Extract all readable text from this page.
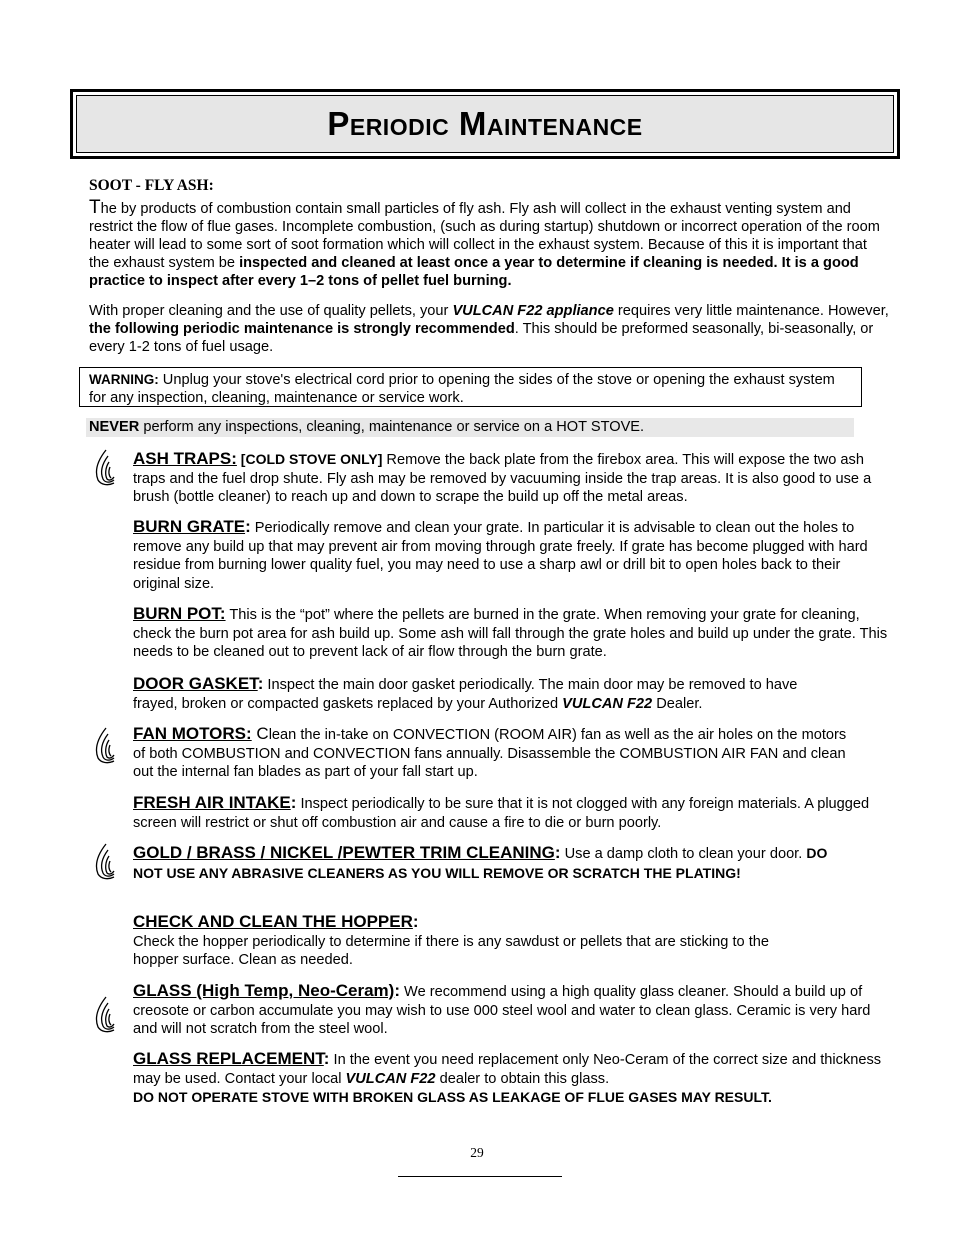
Periodic Maintenance
SOOT - FLY ASH:
The by products of combustion contain small particles of fly ash. Fly ash will collect in the exhaust venting system and restrict the flow of flue gases. Incomplete combustion, (such as during startup) shutdown or incorrect operation of the room heater will lead to some sort of soot formation which will collect in the exhaust system. Because of this it is important that the exhaust system be inspected and cleaned at least once a year to determine if cleaning is needed. It is a good practice to inspect after every 1–2 tons of pellet fuel burning.
With proper cleaning and the use of quality pellets, your VULCAN F22 appliance requires very little maintenance. However, the following periodic maintenance is strongly recommended. This should be preformed seasonally, bi-seasonally, or every 1-2 tons of fuel usage.
WARNING: Unplug your stove's electrical cord prior to opening the sides of the stove or opening the exhaust system for any inspection, cleaning, maintenance or service work.
NEVER perform any inspections, cleaning, maintenance or service on a HOT STOVE.
ASH TRAPS: [COLD STOVE ONLY] Remove the back plate from the firebox area. This will expose the two ash traps and the fuel drop shute. Fly ash may be removed by vacuuming inside the trap areas. It is also good to use a brush (bottle cleaner) to reach up and down to scrape the build up off the metal areas.
BURN GRATE: Periodically remove and clean your grate. In particular it is advisable to clean out the holes to remove any build up that may prevent air from moving through grate freely. If grate has become plugged with hard residue from burning lower quality fuel, you may need to use a sharp awl or drill bit to open holes back to their original size.
BURN POT: This is the “pot” where the pellets are burned in the grate. When removing your grate for cleaning, check the burn pot area for ash build up. Some ash will fall through the grate holes and build up under the grate. This needs to be cleaned out to prevent lack of air flow through the burn grate.
DOOR GASKET: Inspect the main door gasket periodically. The main door may be removed to have frayed, broken or compacted gaskets replaced by your Authorized VULCAN F22 Dealer.
FAN MOTORS: Clean the in-take on CONVECTION (ROOM AIR) fan as well as the air holes on the motors of both COMBUSTION and CONVECTION fans annually. Disassemble the COMBUSTION AIR FAN and clean out the internal fan blades as part of your fall start up.
FRESH AIR INTAKE: Inspect periodically to be sure that it is not clogged with any foreign materials. A plugged screen will restrict or shut off combustion air and cause a fire to die or burn poorly.
GOLD / BRASS / NICKEL /PEWTER TRIM CLEANING: Use a damp cloth to clean your door. DO NOT USE ANY ABRASIVE CLEANERS AS YOU WILL REMOVE OR SCRATCH THE PLATING!
CHECK AND CLEAN THE HOPPER:
Check the hopper periodically to determine if there is any sawdust or pellets that are sticking to the hopper surface. Clean as needed.
GLASS (High Temp, Neo-Ceram): We recommend using a high quality glass cleaner. Should a build up of creosote or carbon accumulate you may wish to use 000 steel wool and water to clean glass. Ceramic is very hard and will not scratch from the steel wool.
GLASS REPLACEMENT: In the event you need replacement only Neo-Ceram of the correct size and thickness may be used. Contact your local VULCAN F22 dealer to obtain this glass.
DO NOT OPERATE STOVE WITH BROKEN GLASS AS LEAKAGE OF FLUE GASES MAY RESULT.
29
